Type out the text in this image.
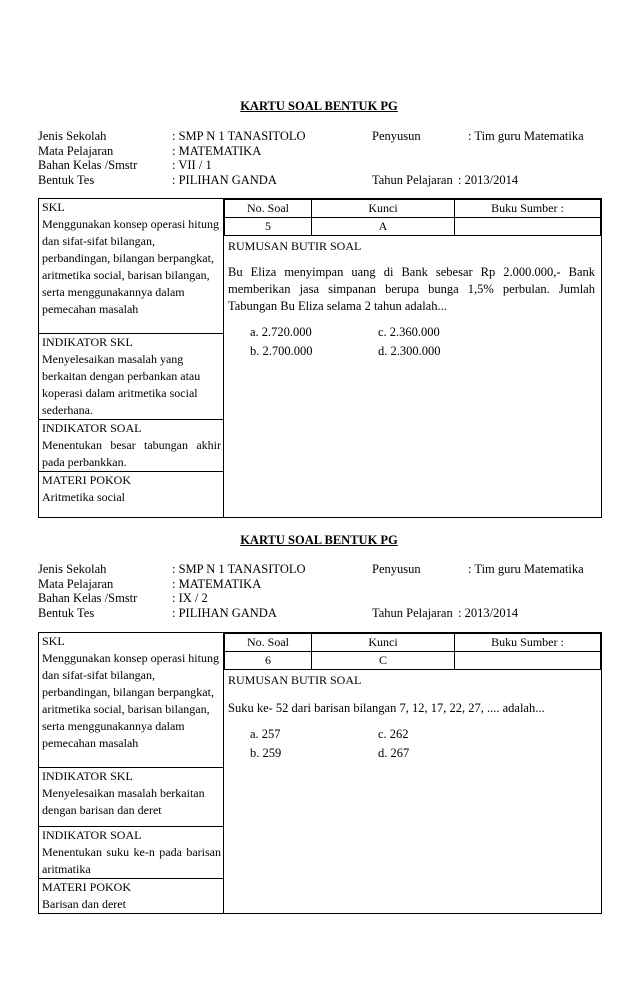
KARTU SOAL BENTUK PG
Jenis Sekolah	: SMP N 1 TANASITOLO	Penyusun	: Tim guru Matematika
Mata Pelajaran	: MATEMATIKA
Bahan Kelas /Smstr	: VII / 1
Bentuk Tes	: PILIHAN GANDA	Tahun Pelajaran : 2013/2014
SKL
Menggunakan konsep operasi hitung dan sifat-sifat bilangan, perbandingan, bilangan berpangkat, aritmetika social, barisan bilangan, serta menggunakannya dalam pemecahan masalah

No. Soal	Kunci	Buku Sumber :
5	A	
RUMUSAN BUTIR SOAL

Bu Eliza menyimpan uang di Bank sebesar Rp 2.000.000,- Bank memberikan jasa simpanan berupa bunga 1,5% perbulan. Jumlah Tabungan Bu Eliza selama 2 tahun adalah...

a. 2.720.000	c. 2.360.000
b. 2.700.000	d. 2.300.000

INDIKATOR SKL
Menyelesaikan masalah yang berkaitan dengan perbankan atau koperasi dalam aritmetika social sederhana.

INDIKATOR SOAL
Menentukan besar tabungan akhir pada perbankkan.

MATERI POKOK
Aritmetika social
KARTU SOAL BENTUK PG
Jenis Sekolah	: SMP N 1 TANASITOLO	Penyusun	: Tim guru Matematika
Mata Pelajaran	: MATEMATIKA
Bahan Kelas /Smstr	: IX / 2
Bentuk Tes	: PILIHAN GANDA	Tahun Pelajaran : 2013/2014
SKL
Menggunakan konsep operasi hitung dan sifat-sifat bilangan, perbandingan, bilangan berpangkat, aritmetika social, barisan bilangan, serta menggunakannya dalam pemecahan masalah

No. Soal	Kunci	Buku Sumber :
6	C	
RUMUSAN BUTIR SOAL

Suku ke- 52 dari barisan bilangan 7, 12, 17, 22, 27, .... adalah...

a. 257	c. 262
b. 259	d. 267

INDIKATOR SKL
Menyelesaikan masalah berkaitan dengan barisan dan deret

INDIKATOR SOAL
Menentukan suku ke-n pada barisan aritmatika

MATERI POKOK
Barisan dan deret
